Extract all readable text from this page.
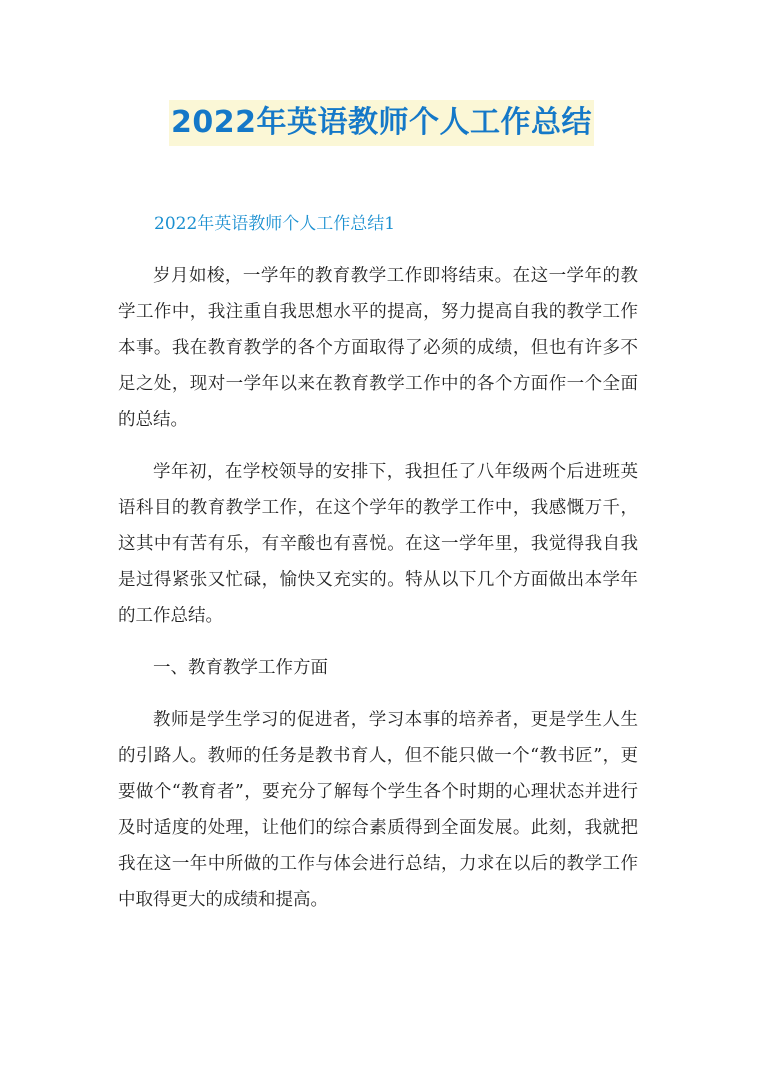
2022年英语教师个人工作总结

2022年英语教师个人工作总结1

岁月如梭，一学年的教育教学工作即将结束。在这一学年的教学工作中，我注重自我思想水平的提高，努力提高自我的教学工作本事。我在教育教学的各个方面取得了必须的成绩，但也有许多不足之处，现对一学年以来在教育教学工作中的各个方面作一个全面的总结。

学年初，在学校领导的安排下，我担任了八年级两个后进班英语科目的教育教学工作，在这个学年的教学工作中，我感慨万千，这其中有苦有乐，有辛酸也有喜悦。在这一学年里，我觉得我自我是过得紧张又忙碌，愉快又充实的。特从以下几个方面做出本学年的工作总结。

一、教育教学工作方面

教师是学生学习的促进者，学习本事的培养者，更是学生人生的引路人。教师的任务是教书育人，但不能只做一个“教书匠”，更要做个“教育者”，要充分了解每个学生各个时期的心理状态并进行及时适度的处理，让他们的综合素质得到全面发展。此刻，我就把我在这一年中所做的工作与体会进行总结，力求在以后的教学工作中取得更大的成绩和提高。
